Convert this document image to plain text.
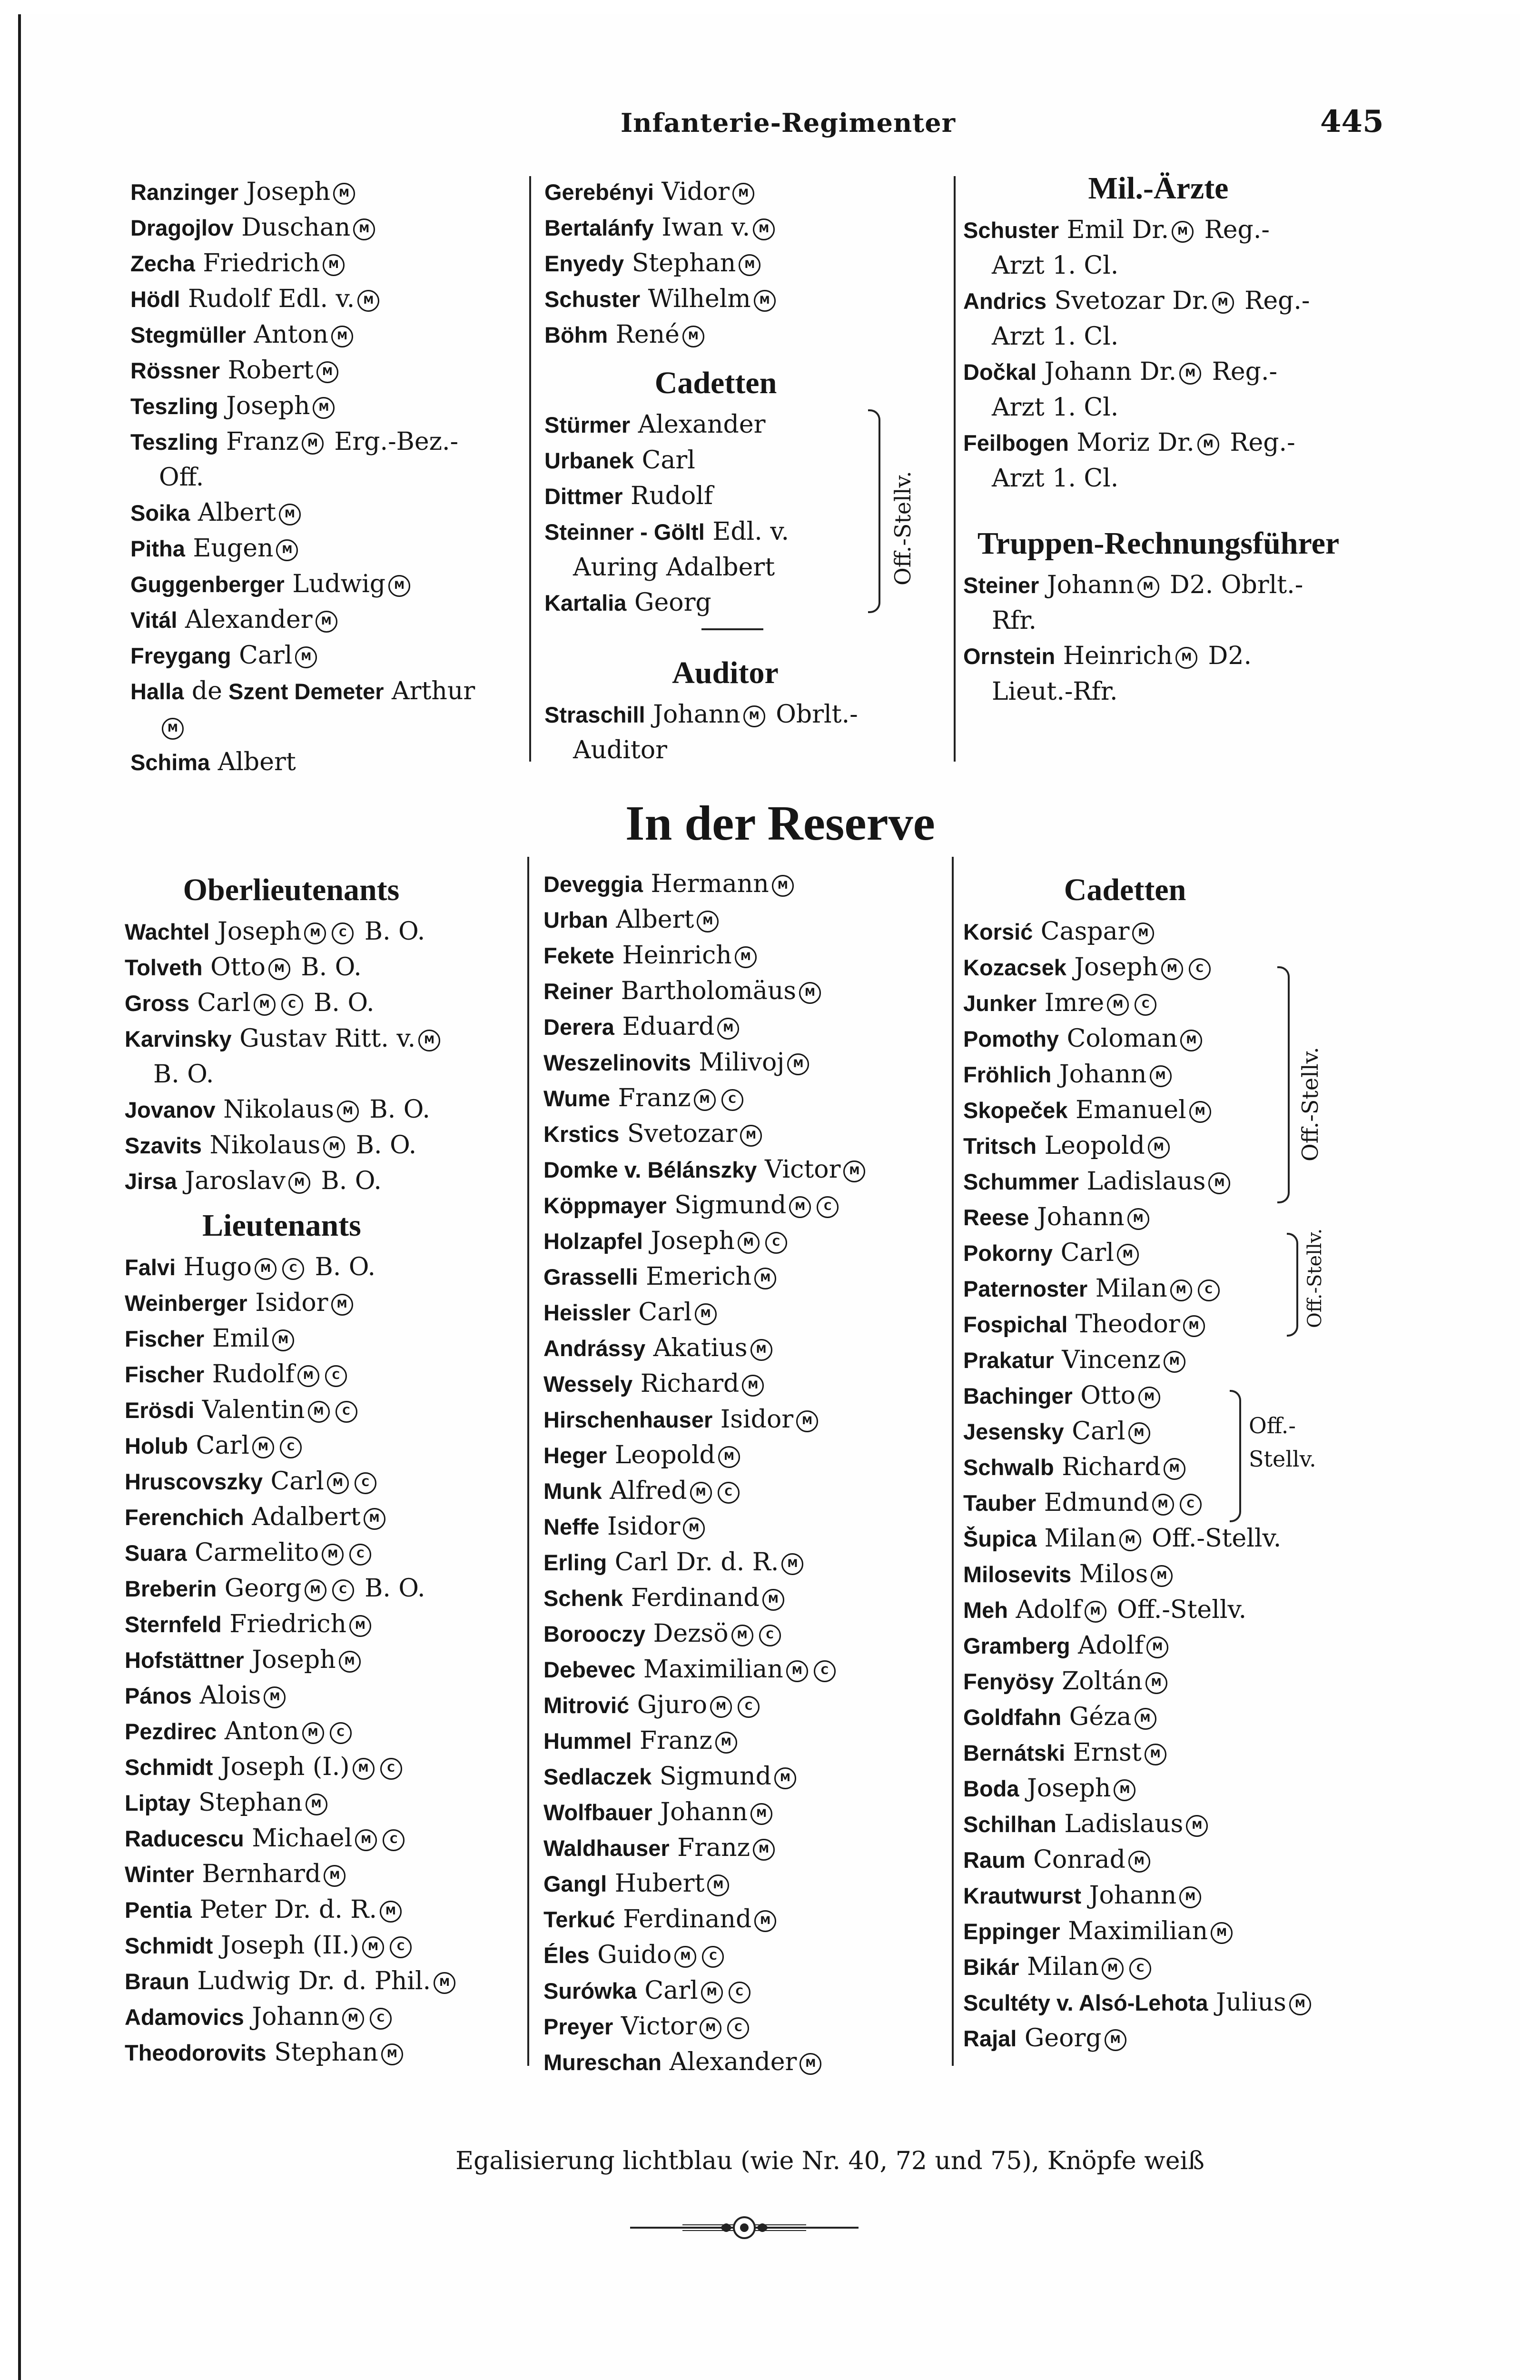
Infanterie-Regimenter	445
Ranzinger Joseph M
Dragojlov Duschan M
Zecha Friedrich M
Hödl Rudolf Edl. v. M
Stegmüller Anton M
Rössner Robert M
Teszling Joseph M
Teszling Franz M Erg.-Bez.-
Off.
Soika Albert M
Pitha Eugen M
Guggenberger Ludwig M
Vitál Alexander M
Freygang Carl M
Halla de Szent Demeter Arthur
M
Schima Albert
Gerebényi Vidor M
Bertalánfy Iwan v. M
Enyedy Stephan M
Schuster Wilhelm M
Böhm René M
Cadetten
Stürmer Alexander
Urbanek Carl
Dittmer Rudolf
Steinner - Göltl Edl. v.
Auring Adalbert
Kartalia Georg
Auditor
Straschill Johann M Obrlt.-
Auditor
Off.-Stellv.
Mil.-Ärzte
Schuster Emil Dr. M Reg.-
Arzt 1. Cl.
Andrics Svetozar Dr. M Reg.-
Arzt 1. Cl.
Dočkal Johann Dr. M Reg.-
Arzt 1. Cl.
Feilbogen Moriz Dr. M Reg.-
Arzt 1. Cl.
Truppen-Rechnungsführer
Steiner Johann M D2. Obrlt.-
Rfr.
Ornstein Heinrich M D2.
Lieut.-Rfr.
In der Reserve
Oberlieutenants
Wachtel Joseph M C B. O.
Tolveth Otto M B. O.
Gross Carl M C B. O.
Karvinsky Gustav Ritt. v. M
B. O.
Jovanov Nikolaus M B. O.
Szavits Nikolaus M B. O.
Jirsa Jaroslav M B. O.
Lieutenants
Falvi Hugo M C B. O.
Weinberger Isidor M
Fischer Emil M
Fischer Rudolf M C
Erösdi Valentin M C
Holub Carl M C
Hruscovszky Carl M C
Ferenchich Adalbert M
Suara Carmelito M C
Breberin Georg M C B. O.
Sternfeld Friedrich M
Hofstättner Joseph M
Pános Alois M
Pezdirec Anton M C
Schmidt Joseph (I.) M C
Liptay Stephan M
Raducescu Michael M C
Winter Bernhard M
Pentia Peter Dr. d. R. M
Schmidt Joseph (II.) M C
Braun Ludwig Dr. d. Phil. M
Adamovics Johann M C
Theodorovits Stephan M
Deveggia Hermann M
Urban Albert M
Fekete Heinrich M
Reiner Bartholomäus M
Derera Eduard M
Weszelinovits Milivoj M
Wume Franz M C
Krstics Svetozar M
Domke v. Bélánszky Victor M
Köppmayer Sigmund M C
Holzapfel Joseph M C
Grasselli Emerich M
Heissler Carl M
Andrássy Akatius M
Wessely Richard M
Hirschenhauser Isidor M
Heger Leopold M
Munk Alfred M C
Neffe Isidor M
Erling Carl Dr. d. R. M
Schenk Ferdinand M
Borooczy Dezsö M C
Debevec Maximilian M C
Mitrović Gjuro M C
Hummel Franz M
Sedlaczek Sigmund M
Wolfbauer Johann M
Waldhauser Franz M
Gangl Hubert M
Terkuć Ferdinand M
Éles Guido M C
Surówka Carl M C
Preyer Victor M C
Mureschan Alexander M
Cadetten
Korsić Caspar M
Kozacsek Joseph M C
Junker Imre M C
Pomothy Coloman M
Fröhlich Johann M
Skopeček Emanuel M
Tritsch Leopold M
Schummer Ladislaus M
Reese Johann M
Pokorny Carl M
Paternoster Milan M C
Fospichal Theodor M
Prakatur Vincenz M
Bachinger Otto M
Jesensky Carl M
Schwalb Richard M
Tauber Edmund M C
Šupica Milan M Off.-Stellv.
Milosevits Milos M
Meh Adolf M Off.-Stellv.
Gramberg Adolf M
Fenyösy Zoltán M
Goldfahn Géza M
Bernátski Ernst M
Boda Joseph M
Schilhan Ladislaus M
Raum Conrad M
Krautwurst Johann M
Eppinger Maximilian M
Bikár Milan M C
Scultéty v. Alsó-Lehota Julius M
Rajal Georg M
Off.-Stellv.
Off.-Stellv.
Off.-
Stellv.
Egalisierung lichtblau (wie Nr. 40, 72 und 75), Knöpfe weiß
